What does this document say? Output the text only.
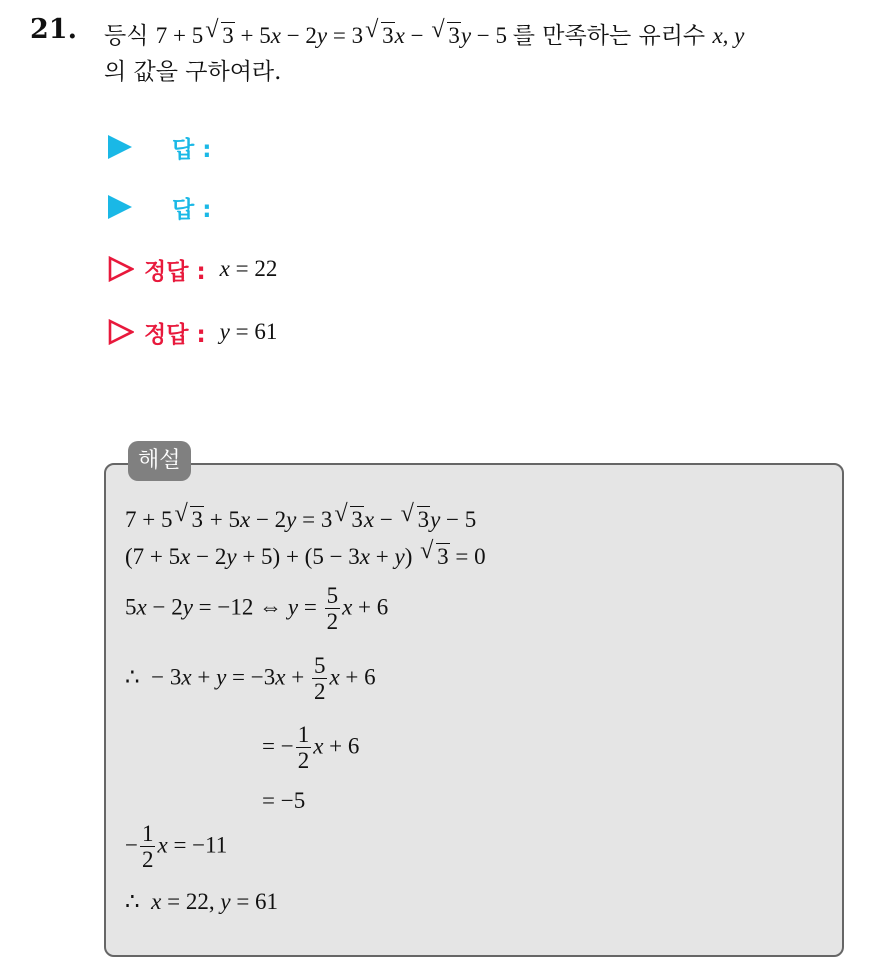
21. 등식 7 + 5 √ 3 + 5x − 2y = 3 √ 3x − √ 3y − 5 를 만족하는 유리수 x, y
의 값을 구하여라.
답 :
답 :
정답 : x = 22
정답 : y = 61
해설
7 + 5 √ 3 + 5x − 2y = 3 √ 3x − √ 3y − 5
(7 + 5x − 2y + 5) + (5 − 3x + y) √ 3 = 0
5x − 2y = −12 ⇔ $y = \frac{5}{2}$ x + 6
∴  − $3x + y = -3x + \frac{5}{2}$ x + 6
= − $\frac{1}{2}$ x + 6
= −5
− $\frac{1}{2}$ x = −11
∴ x = 22, y = 61
